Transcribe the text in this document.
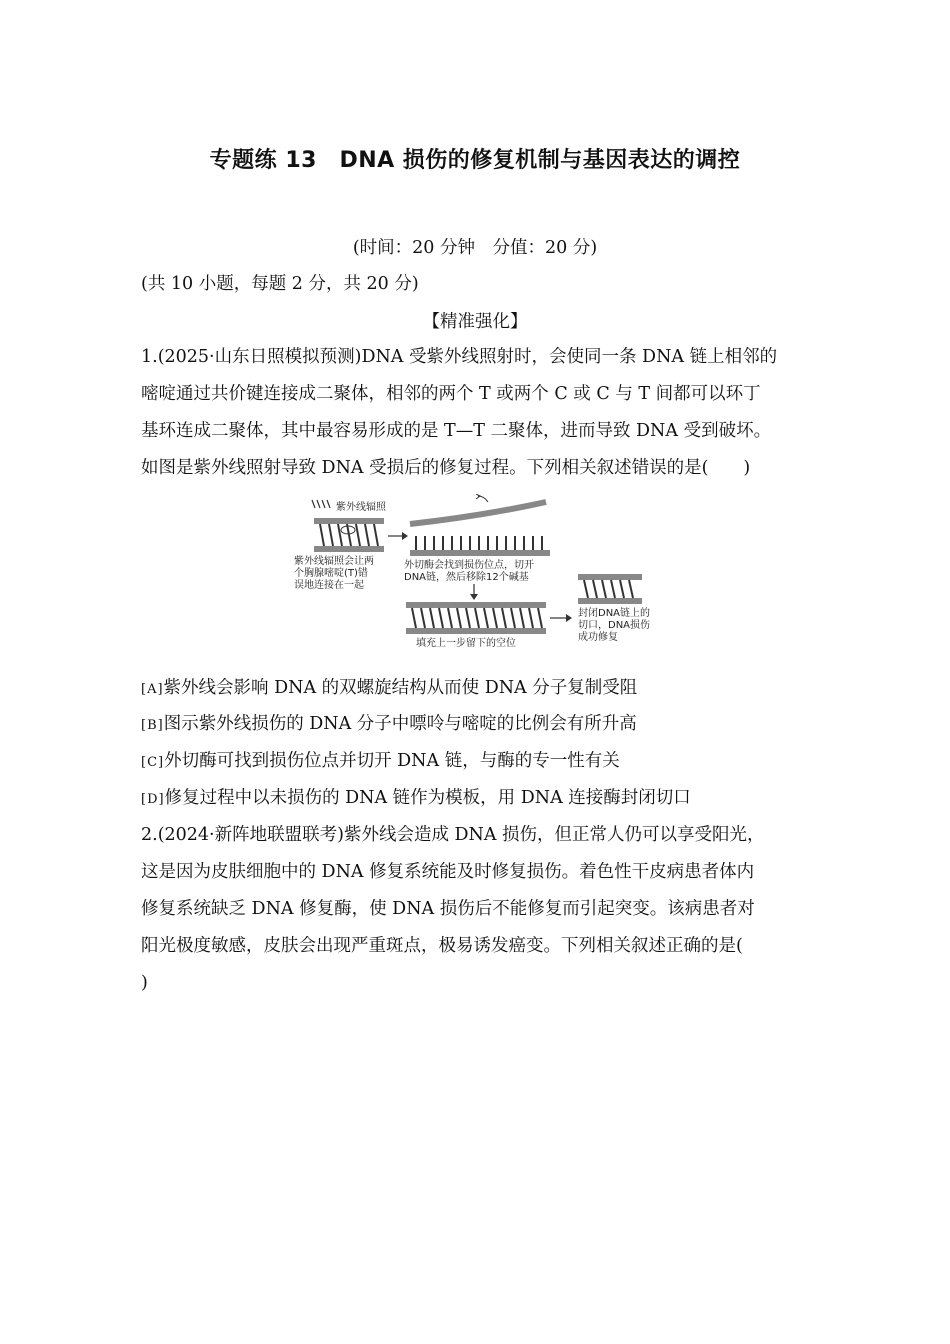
专题练 13　DNA 损伤的修复机制与基因表达的调控
(时间：20 分钟　分值：20 分)
(共 10 小题，每题 2 分，共 20 分)
【精准强化】
1.(2025·山东日照模拟预测)DNA 受紫外线照射时，会使同一条 DNA 链上相邻的
嘧啶通过共价键连接成二聚体，相邻的两个 T 或两个 C 或 C 与 T 间都可以环丁
基环连成二聚体，其中最容易形成的是 T—T 二聚体，进而导致 DNA 受到破坏。
如图是紫外线照射导致 DNA 受损后的修复过程。下列相关叙述错误的是(　　)
紫外线辐照
紫外线辐照会让两
个胸腺嘧啶(T)错
误地连接在一起
外切酶会找到损伤位点，切开
DNA链，然后移除12个碱基
填充上一步留下的空位
封闭DNA链上的
切口，DNA损伤
成功修复
[A]紫外线会影响 DNA 的双螺旋结构从而使 DNA 分子复制受阻
[B]图示紫外线损伤的 DNA 分子中嘌呤与嘧啶的比例会有所升高
[C]外切酶可找到损伤位点并切开 DNA 链，与酶的专一性有关
[D]修复过程中以未损伤的 DNA 链作为模板，用 DNA 连接酶封闭切口
2.(2024·新阵地联盟联考)紫外线会造成 DNA 损伤，但正常人仍可以享受阳光，
这是因为皮肤细胞中的 DNA 修复系统能及时修复损伤。着色性干皮病患者体内
修复系统缺乏 DNA 修复酶，使 DNA 损伤后不能修复而引起突变。该病患者对
阳光极度敏感，皮肤会出现严重斑点，极易诱发癌变。下列相关叙述正确的是(
)
